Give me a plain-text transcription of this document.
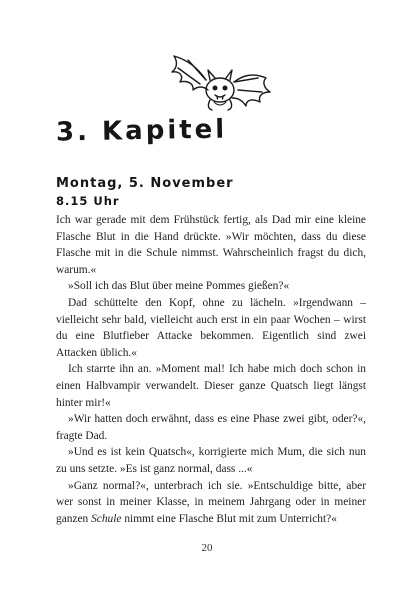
3. Kapitel
Montag, 5. November
8.15 Uhr

Ich war gerade mit dem Frühstück fertig, als Dad mir eine kleine Flasche Blut in die Hand drückte. »Wir möchten, dass du diese Flasche mit in die Schule nimmst. Wahrscheinlich fragst du dich, warum.«

»Soll ich das Blut über meine Pommes gießen?«

Dad schüttelte den Kopf, ohne zu lächeln. »Irgendwann – vielleicht sehr bald, vielleicht auch erst in ein paar Wochen – wirst du eine Blutfieber Attacke bekommen. Eigentlich sind zwei Attacken üblich.«

Ich starrte ihn an. »Moment mal! Ich habe mich doch schon in einen Halbvampir verwandelt. Dieser ganze Quatsch liegt längst hinter mir!«

»Wir hatten doch erwähnt, dass es eine Phase zwei gibt, oder?«, fragte Dad.

»Und es ist kein Quatsch«, korrigierte mich Mum, die sich nun zu uns setzte. »Es ist ganz normal, dass ...«

»Ganz normal?«, unterbrach ich sie. »Entschuldige bitte, aber wer sonst in meiner Klasse, in meinem Jahrgang oder in meiner ganzen Schule nimmt eine Flasche Blut mit zum Unterricht?«

20
